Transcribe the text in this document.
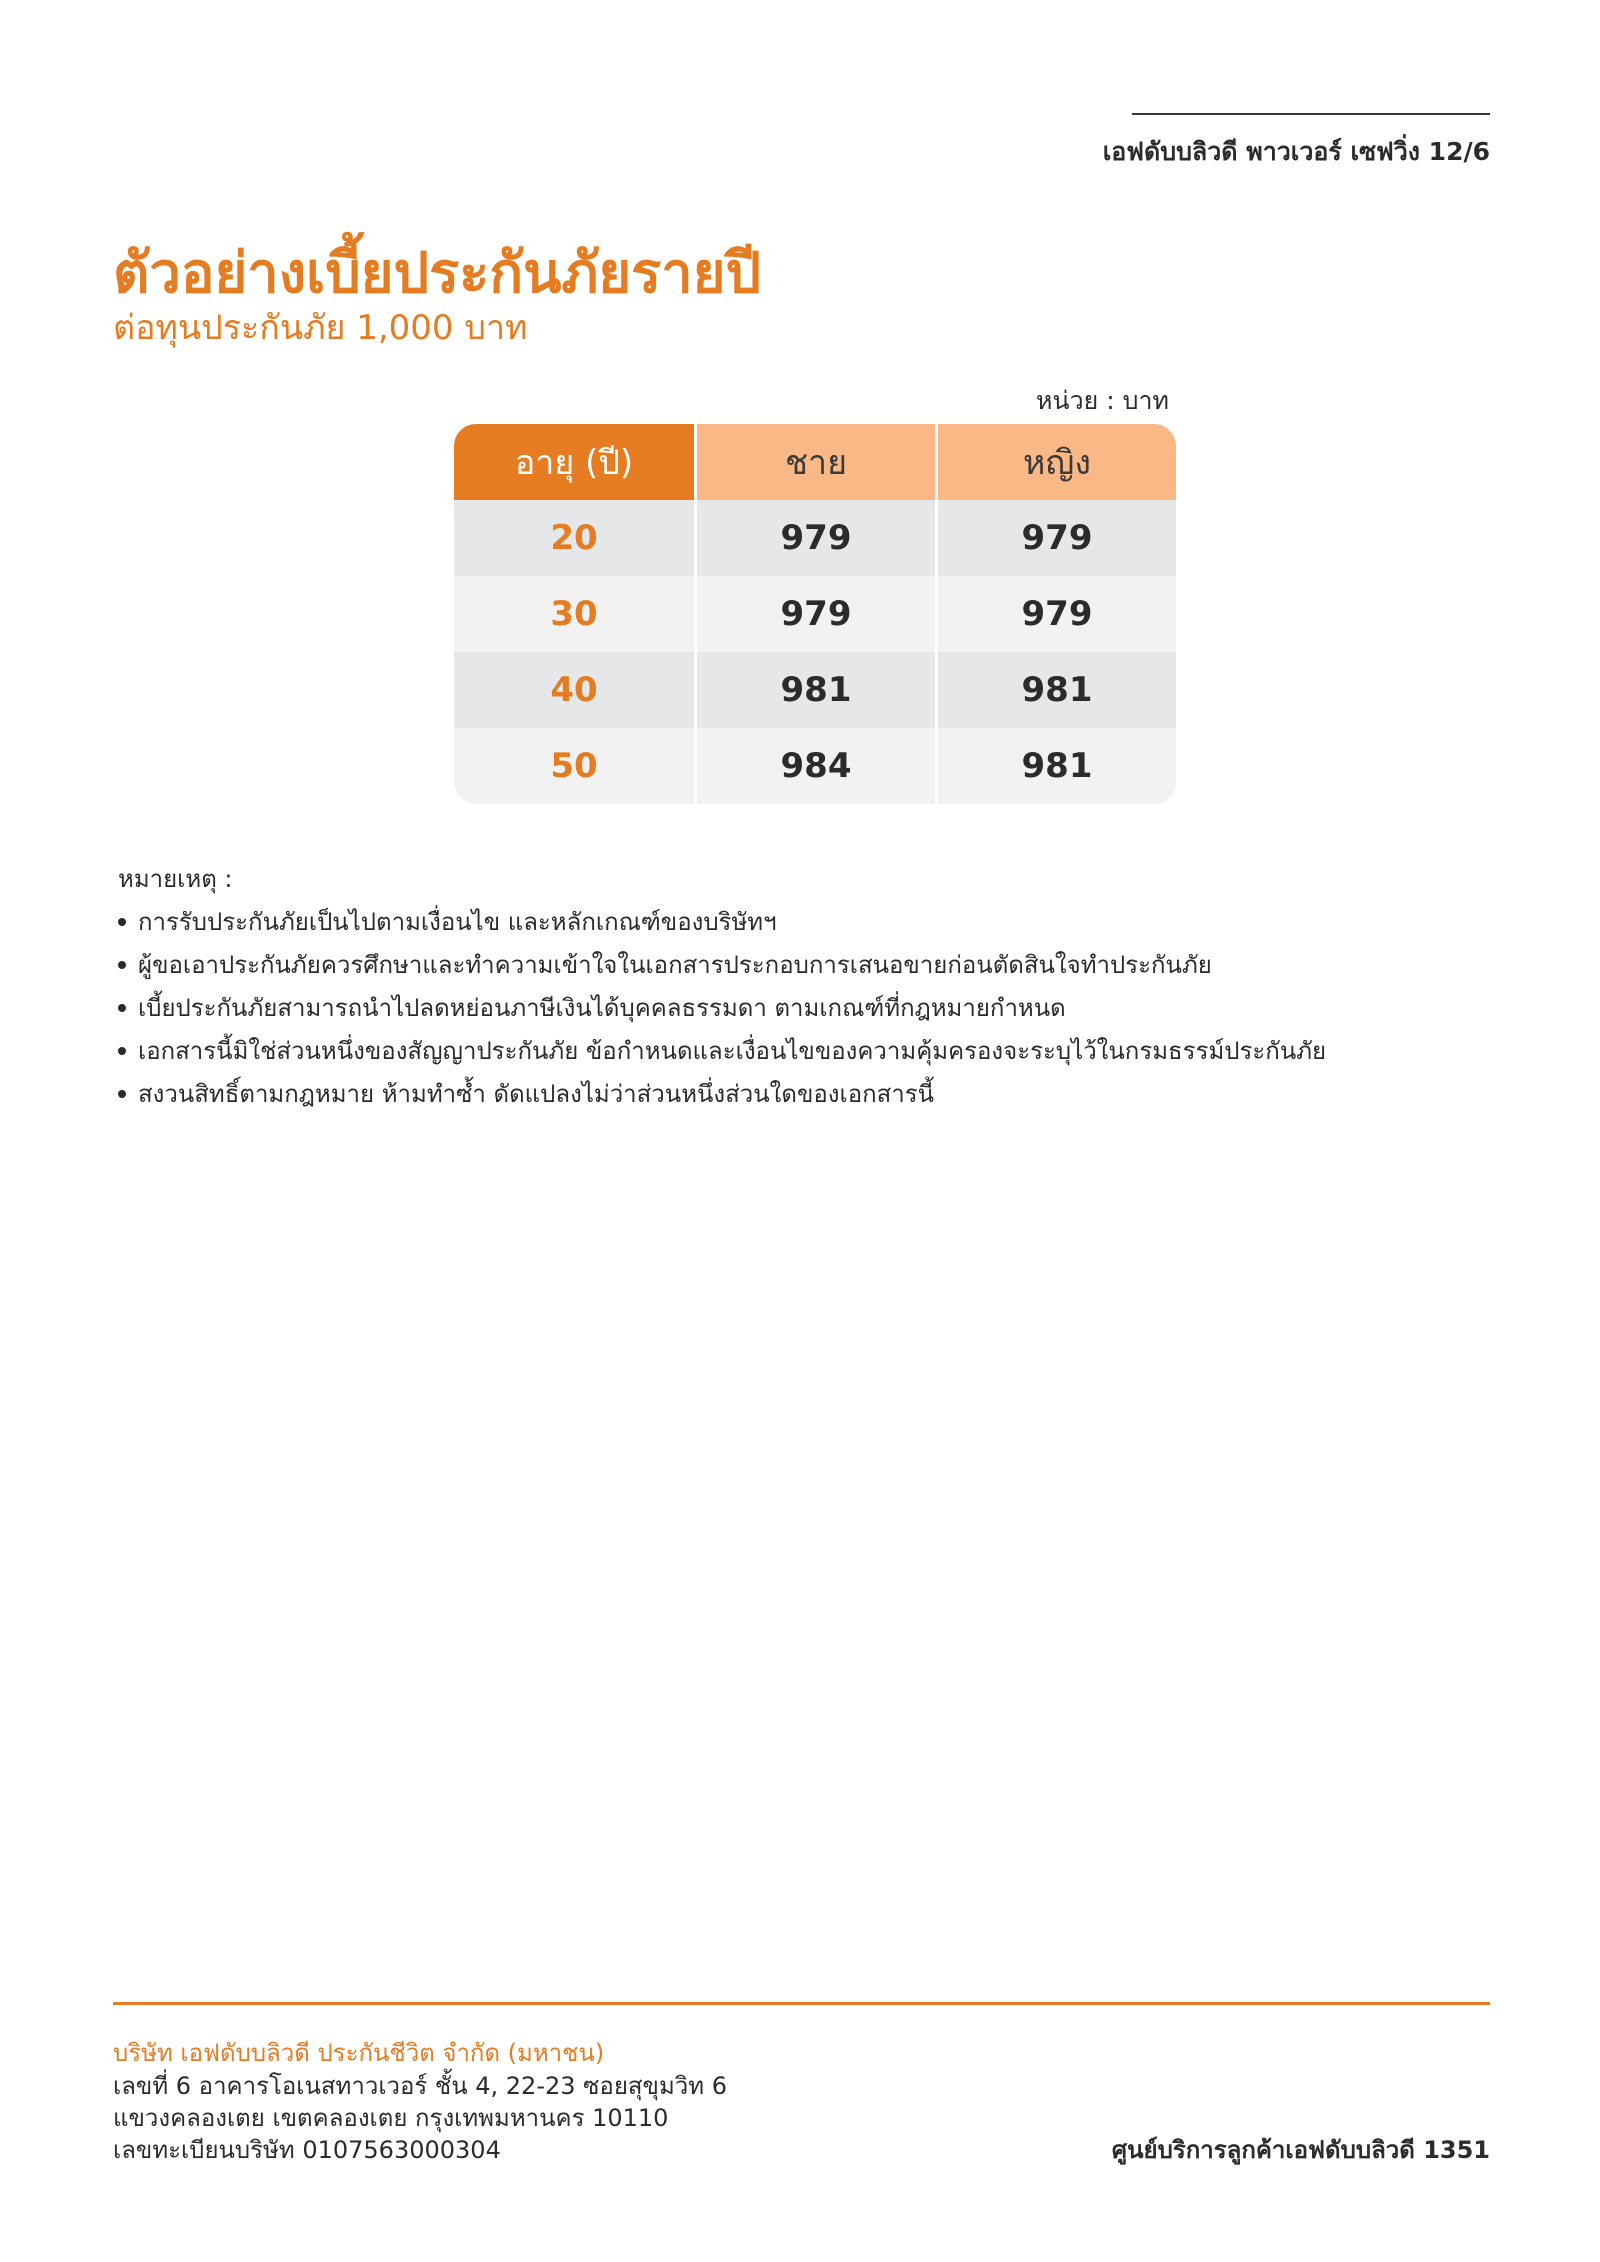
เอฟดับบลิวดี พาวเวอร์ เซฟวิ่ง 12/6
ตัวอย่างเบี้ยประกันภัยรายปี
ต่อทุนประกันภัย 1,000 บาท
หน่วย : บาท
อายุ (ปี)	ชาย	หญิง
20	979	979
30	979	979
40	981	981
50	984	981
หมายเหตุ :
การรับประกันภัยเป็นไปตามเงื่อนไข และหลักเกณฑ์ของบริษัทฯ
ผู้ขอเอาประกันภัยควรศึกษาและทำความเข้าใจในเอกสารประกอบการเสนอขายก่อนตัดสินใจทำประกันภัย
เบี้ยประกันภัยสามารถนำไปลดหย่อนภาษีเงินได้บุคคลธรรมดา ตามเกณฑ์ที่กฎหมายกำหนด
เอกสารนี้มิใช่ส่วนหนึ่งของสัญญาประกันภัย ข้อกำหนดและเงื่อนไขของความคุ้มครองจะระบุไว้ในกรมธรรม์ประกันภัย
สงวนสิทธิ์ตามกฎหมาย ห้ามทำซ้ำ ดัดแปลงไม่ว่าส่วนหนึ่งส่วนใดของเอกสารนี้
บริษัท เอฟดับบลิวดี ประกันชีวิต จำกัด (มหาชน)
เลขที่ 6 อาคารโอเนสทาวเวอร์ ชั้น 4, 22-23 ซอยสุขุมวิท 6
แขวงคลองเตย เขตคลองเตย กรุงเทพมหานคร 10110
เลขทะเบียนบริษัท 0107563000304	ศูนย์บริการลูกค้าเอฟดับบลิวดี 1351
